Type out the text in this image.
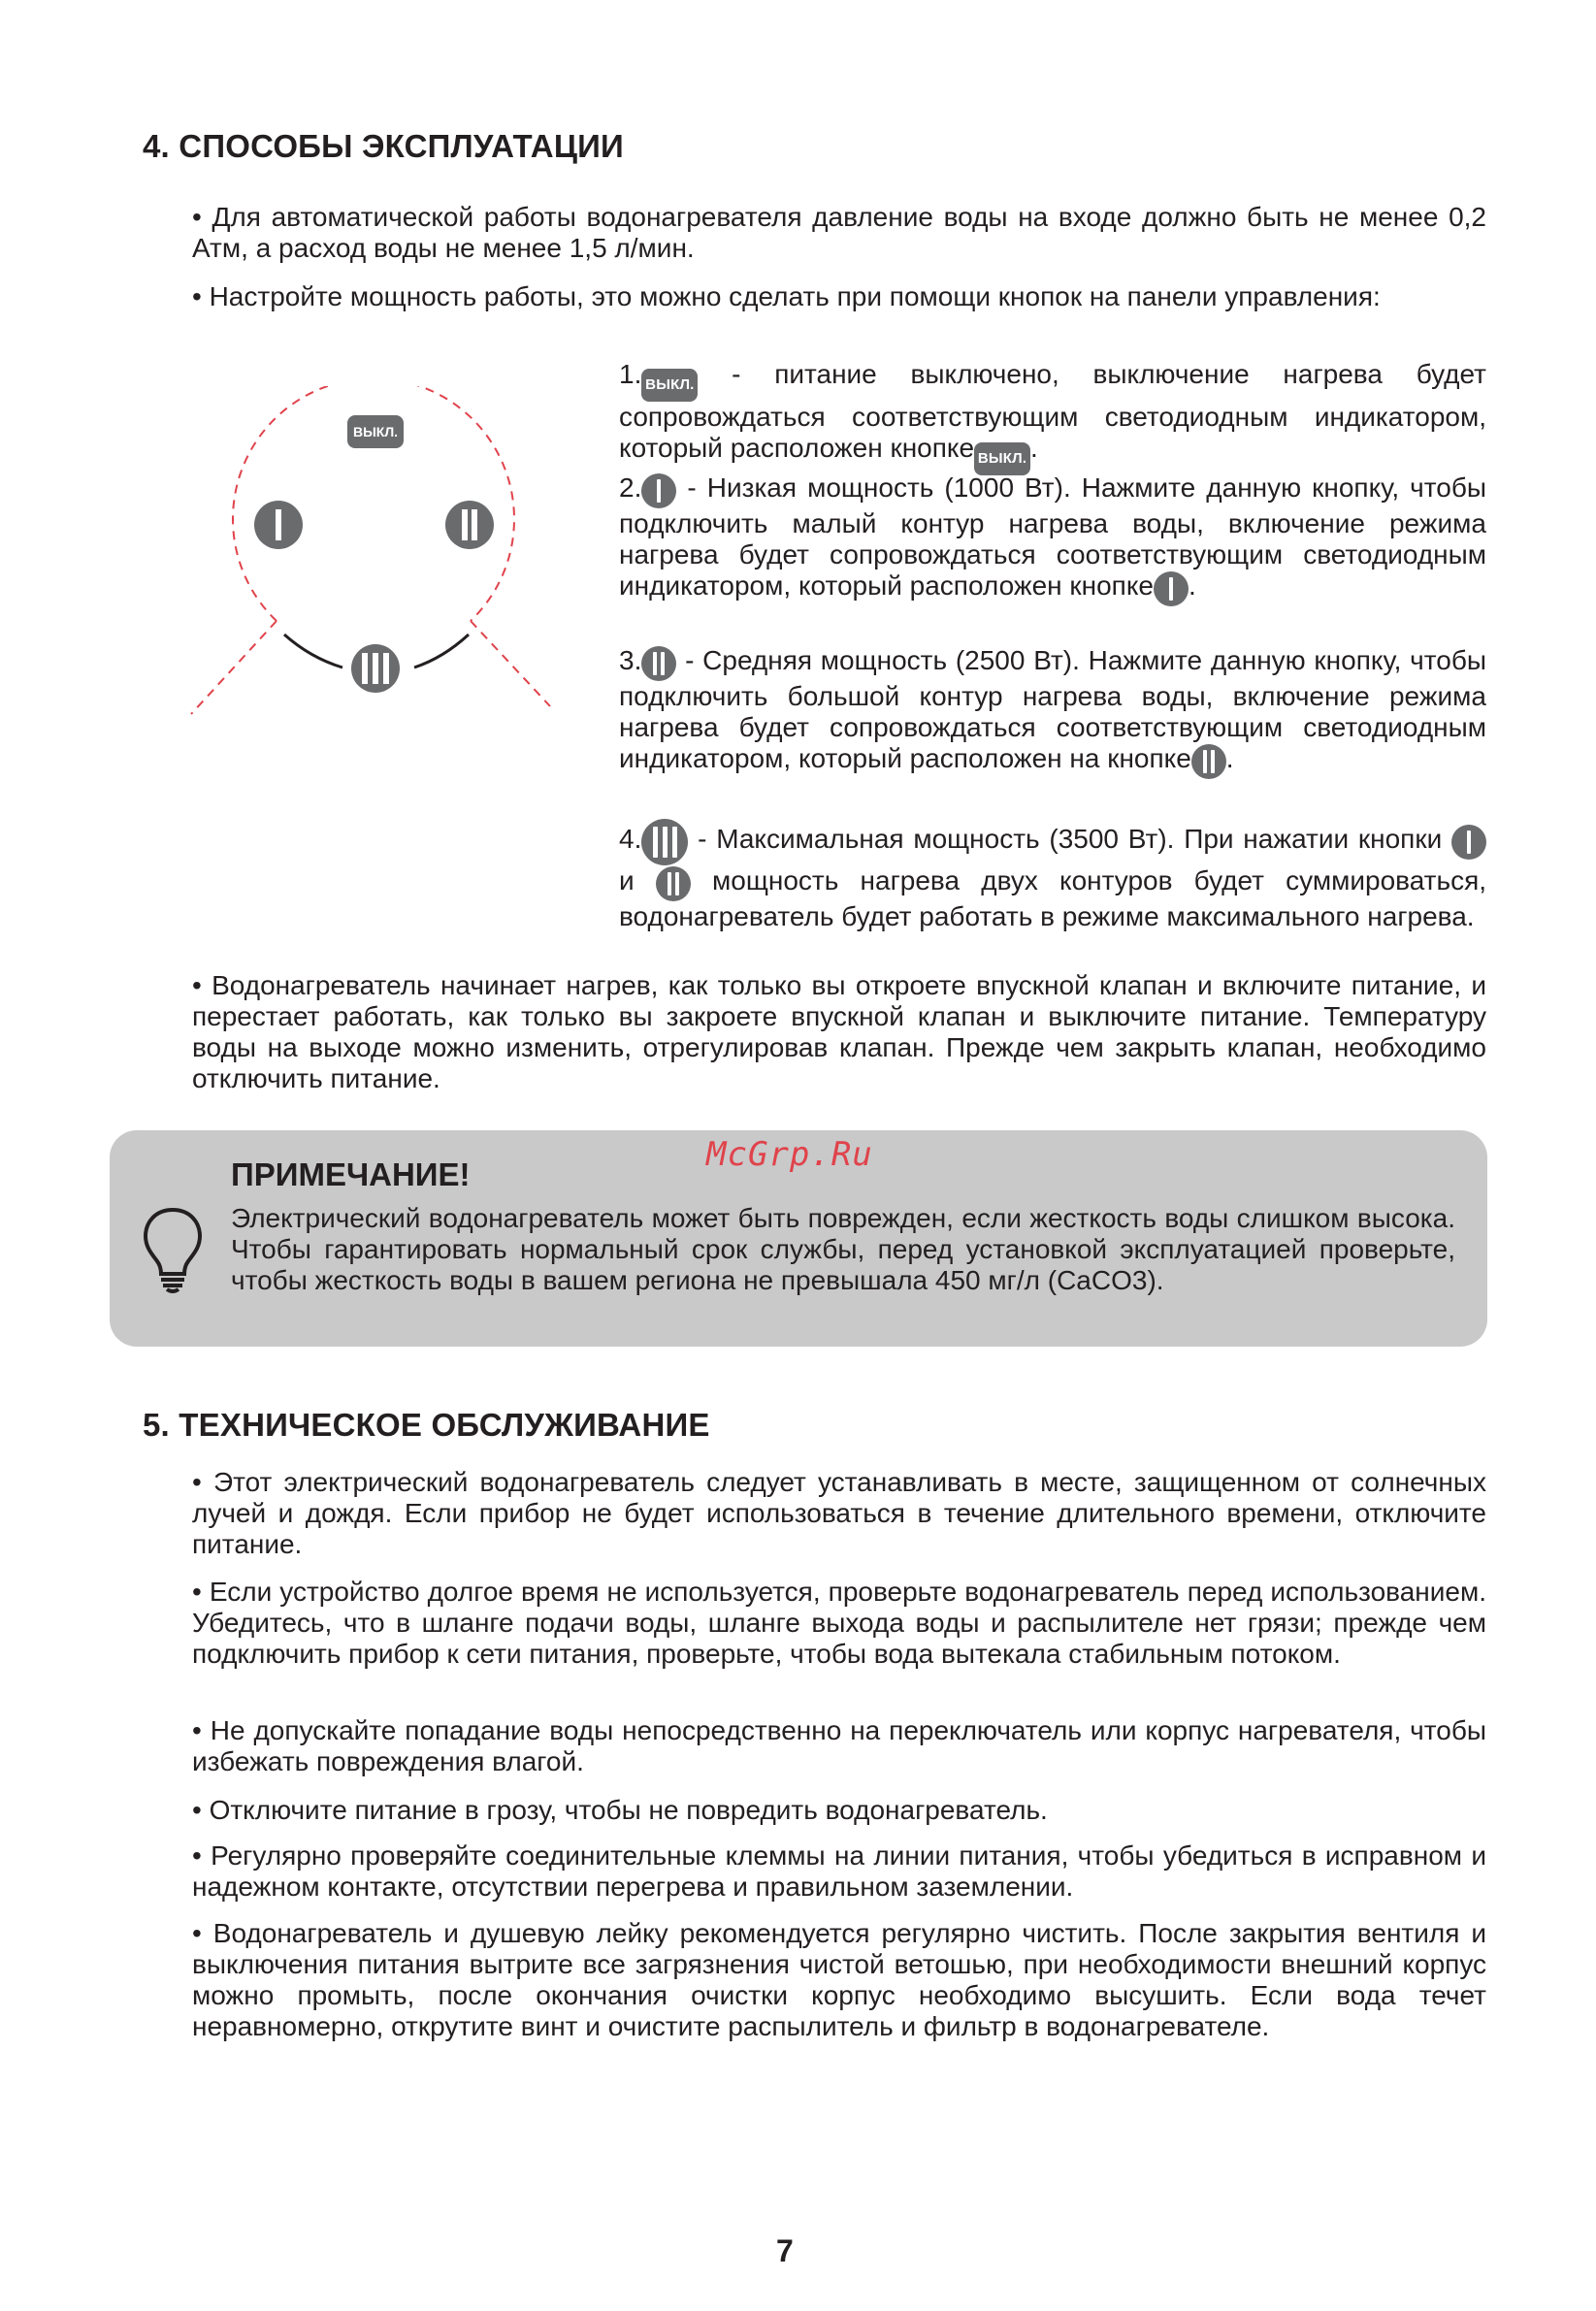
4. СПОСОБЫ ЭКСПЛУАТАЦИИ

• Для автоматической работы водонагревателя давление воды на входе должно быть не менее 0,2 Атм, а расход воды не менее 1,5 л/мин.

• Настройте мощность работы, это можно сделать при помощи кнопок на панели управления:

ВЫКЛ.

1. ВЫКЛ. - питание выключено, выключение нагрева будет сопровождаться соответствующим светодиодным индикатором, который расположен кнопке ВЫКЛ. .

2.
- Низкая мощность (1000 Вт). Нажмите данную кнопку, чтобы подключить малый контур нагрева воды, включение режима нагрева будет сопровождаться соответствующим светодиодным индикатором, который расположен кнопке .

3.
- Средняя мощность (2500 Вт). Нажмите данную кнопку, чтобы подключить большой контур нагрева воды, включение режима нагрева будет сопровождаться соответствующим светодиодным индикатором, который расположен на кнопке .

4.
- Максимальная мощность (3500 Вт). При нажатии кнопки
и
мощность нагрева двух контуров будет суммироваться, водонагреватель будет работать в режиме максимального нагрева.

• Водонагреватель начинает нагрев, как только вы откроете впускной клапан и включите питание, и перестает работать, как только вы закроете впускной клапан и выключите питание. Температуру воды на выходе можно изменить, отрегулировав клапан. Прежде чем закрыть клапан, необходимо отключить питание.

ПРИМЕЧАНИЕ!
McGrp.Ru

Электрический водонагреватель может быть поврежден, если жесткость воды слишком высока. Чтобы гарантировать нормальный срок службы, перед установкой эксплуатацией проверьте, чтобы жесткость воды в вашем региона не превышала 450 мг/л (CaCO3).

5. ТЕХНИЧЕСКОЕ ОБСЛУЖИВАНИЕ

• Этот электрический водонагреватель следует устанавливать в месте, защищенном от солнечных лучей и дождя. Если прибор не будет использоваться в течение длительного времени, отключите питание.

• Если устройство долгое время не используется, проверьте водонагреватель перед использованием. Убедитесь, что в шланге подачи воды, шланге выхода воды и распылителе нет грязи; прежде чем подключить прибор к сети питания, проверьте, чтобы вода вытекала стабильным потоком.

• Не допускайте попадание воды непосредственно на переключатель или корпус нагревателя, чтобы избежать повреждения влагой.

• Отключите питание в грозу, чтобы не повредить водонагреватель.

• Регулярно проверяйте соединительные клеммы на линии питания, чтобы убедиться в исправном и надежном контакте, отсутствии перегрева и правильном заземлении.

• Водонагреватель и душевую лейку рекомендуется регулярно чистить. После закрытия вентиля и выключения питания вытрите все загрязнения чистой ветошью, при необходимости внешний корпус можно промыть, после окончания очистки корпус необходимо высушить. Если вода течет неравномерно, открутите винт и очистите распылитель и фильтр в водонагревателе.

7
